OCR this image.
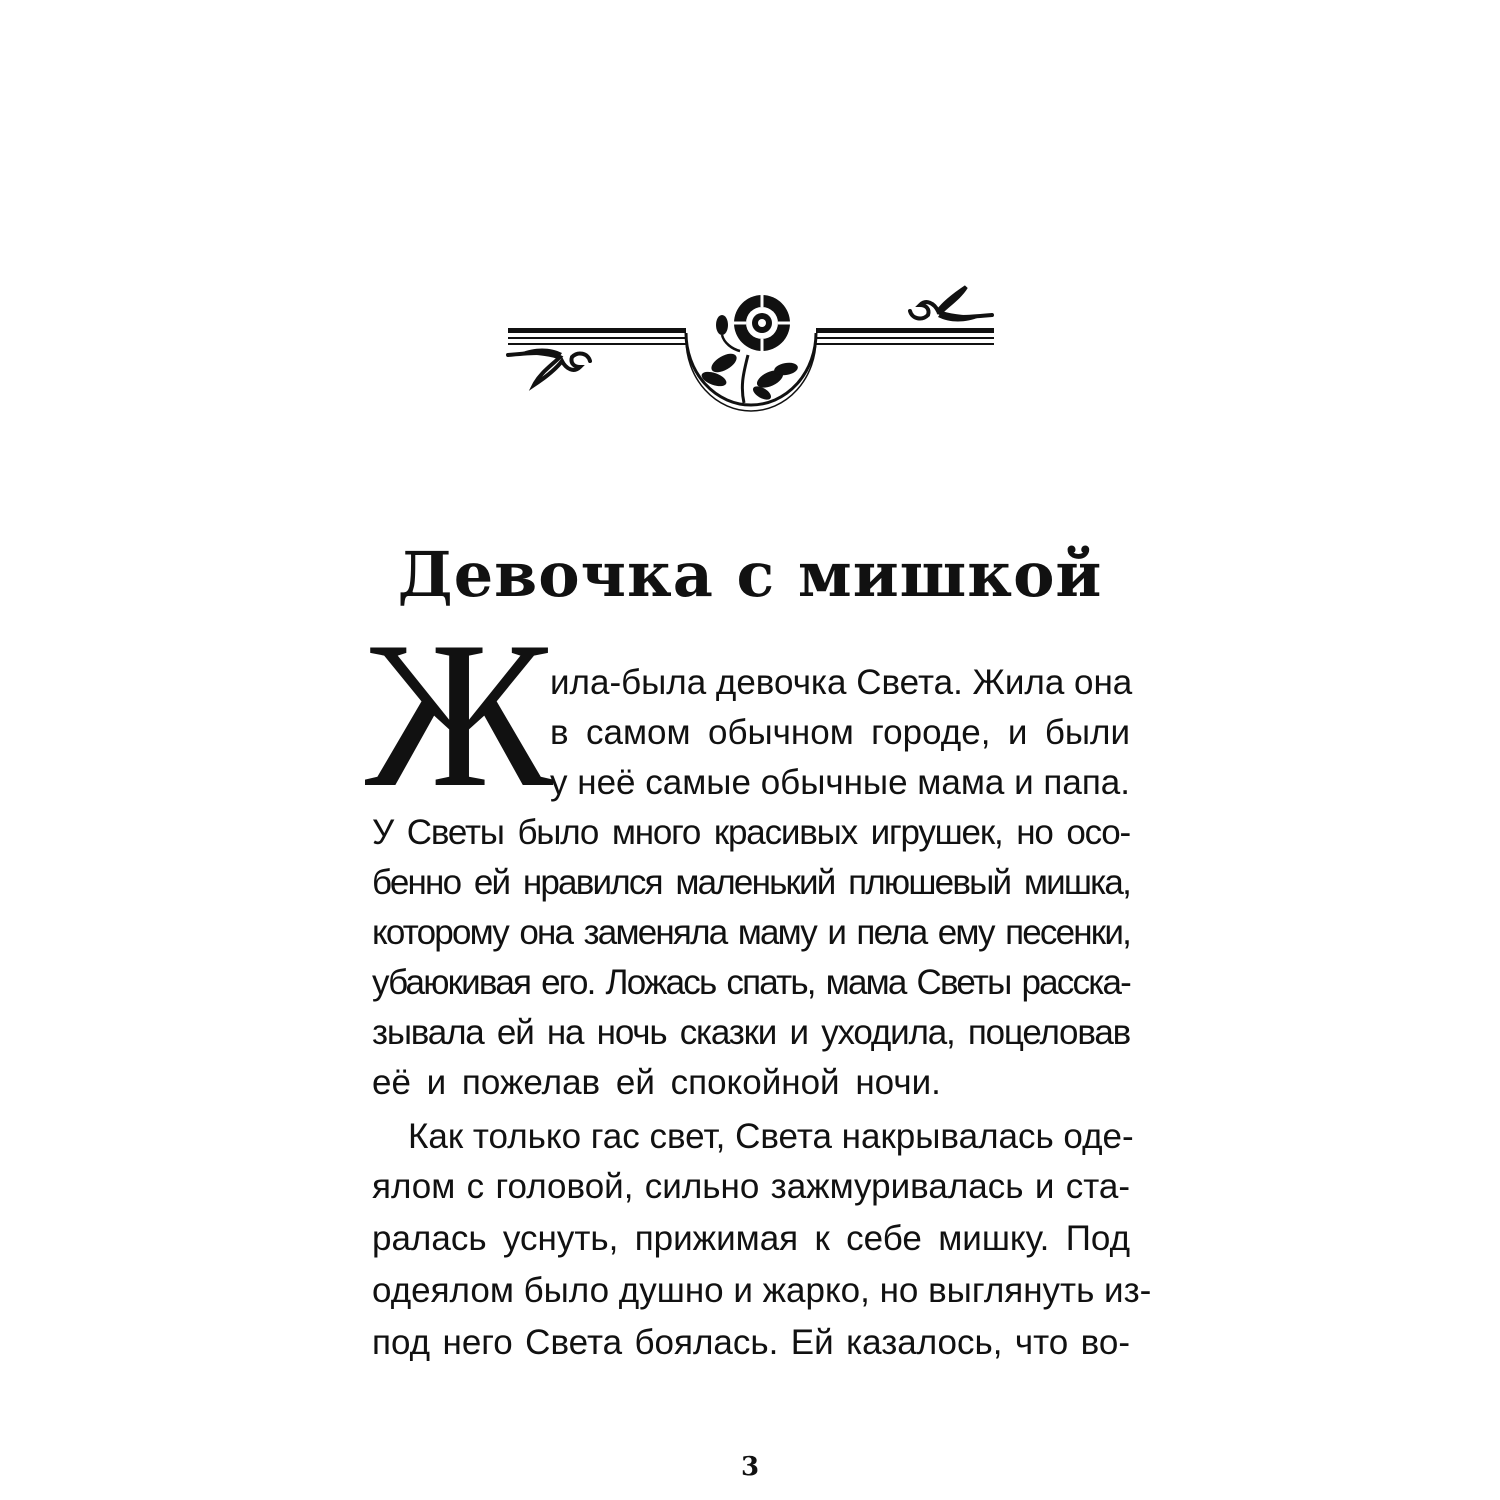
Девочка с мишкой
Ж
ила-была девочка Света. Жила она
в самом обычном городе, и были
у неё самые обычные мама и папа.
У Светы было много красивых игрушек, но осо-
бенно ей нравился маленький плюшевый мишка,
которому она заменяла маму и пела ему песенки,
убаюкивая его. Ложась спать, мама Светы расска-
зывала ей на ночь сказки и уходила, поцеловав
её и пожелав ей спокойной ночи.
Как только гас свет, Света накрывалась оде-
ялом с головой, сильно зажмуривалась и ста-
ралась уснуть, прижимая к себе мишку. Под
одеялом было душно и жарко, но выглянуть из-
под него Света боялась. Ей казалось, что во-
3
